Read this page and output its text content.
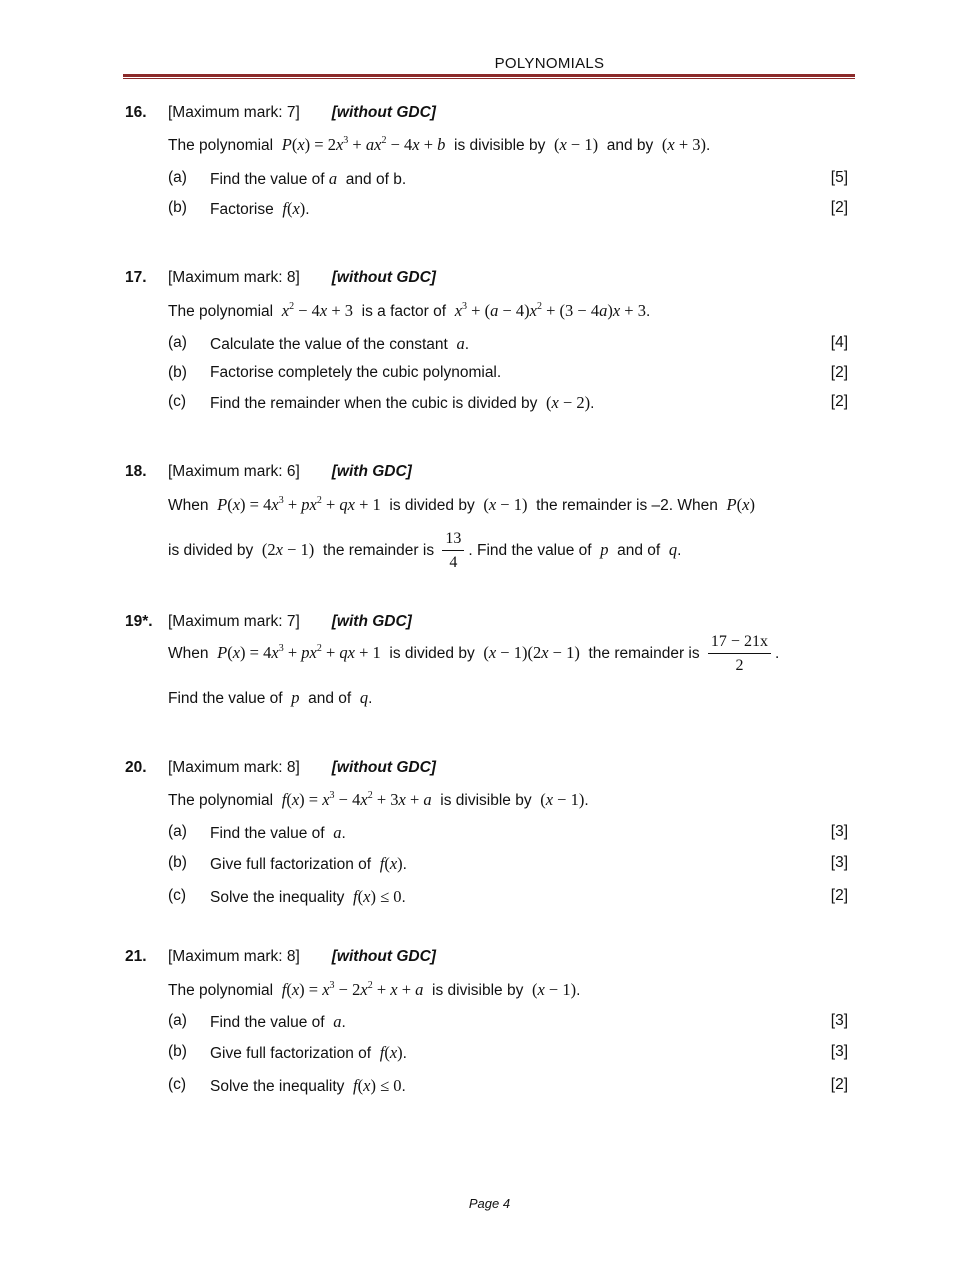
POLYNOMIALS
16. [Maximum mark: 7] [without GDC]
The polynomial $P(x) = 2x^3 + ax^2 - 4x + b$ is divisible by (x − 1) and by (x + 3).
(a) Find the value of a and of b.	[5]
(b) Factorise f(x).	[2]
17. [Maximum mark: 8] [without GDC]
The polynomial $x^2 - 4x + 3$ is a factor of $x^3 + (a - 4)x^2 + (3 - 4a)x + 3$.
(a) Calculate the value of the constant a.	[4]
(b) Factorise completely the cubic polynomial.	[2]
(c) Find the remainder when the cubic is divided by (x − 2).	[2]
18. [Maximum mark: 6] [with GDC]
When $P(x) = 4x^3 + px^2$ + qx + 1 is divided by (x − 1) the remainder is –2. When P(x)
is divided by (2x − 1) the remainder is $\frac{13}{4}$ . Find the value of p and of q.
19*. [Maximum mark: 7] [with GDC]
When $P(x) = 4x^3 + px^2$ + qx + 1 is divided by (x − 1)(2x − 1) the remainder is $\frac{17 - 21x}{2}$ .
Find the value of p and of q.
20. [Maximum mark: 8] [without GDC]
The polynomial $f(x) = x^3 - 4x^2 + 3x + a$ is divisible by (x − 1).
(a) Find the value of a.	[3]
(b) Give full factorization of f(x).	[3]
(c) Solve the inequality f(x) ≤ 0.	[2]
21. [Maximum mark: 8] [without GDC]
The polynomial $f(x) = x^3 - 2x^2 + x + a$ is divisible by (x − 1).
(a) Find the value of a.	[3]
(b) Give full factorization of f(x).	[3]
(c) Solve the inequality f(x) ≤ 0.	[2]
Page 4
